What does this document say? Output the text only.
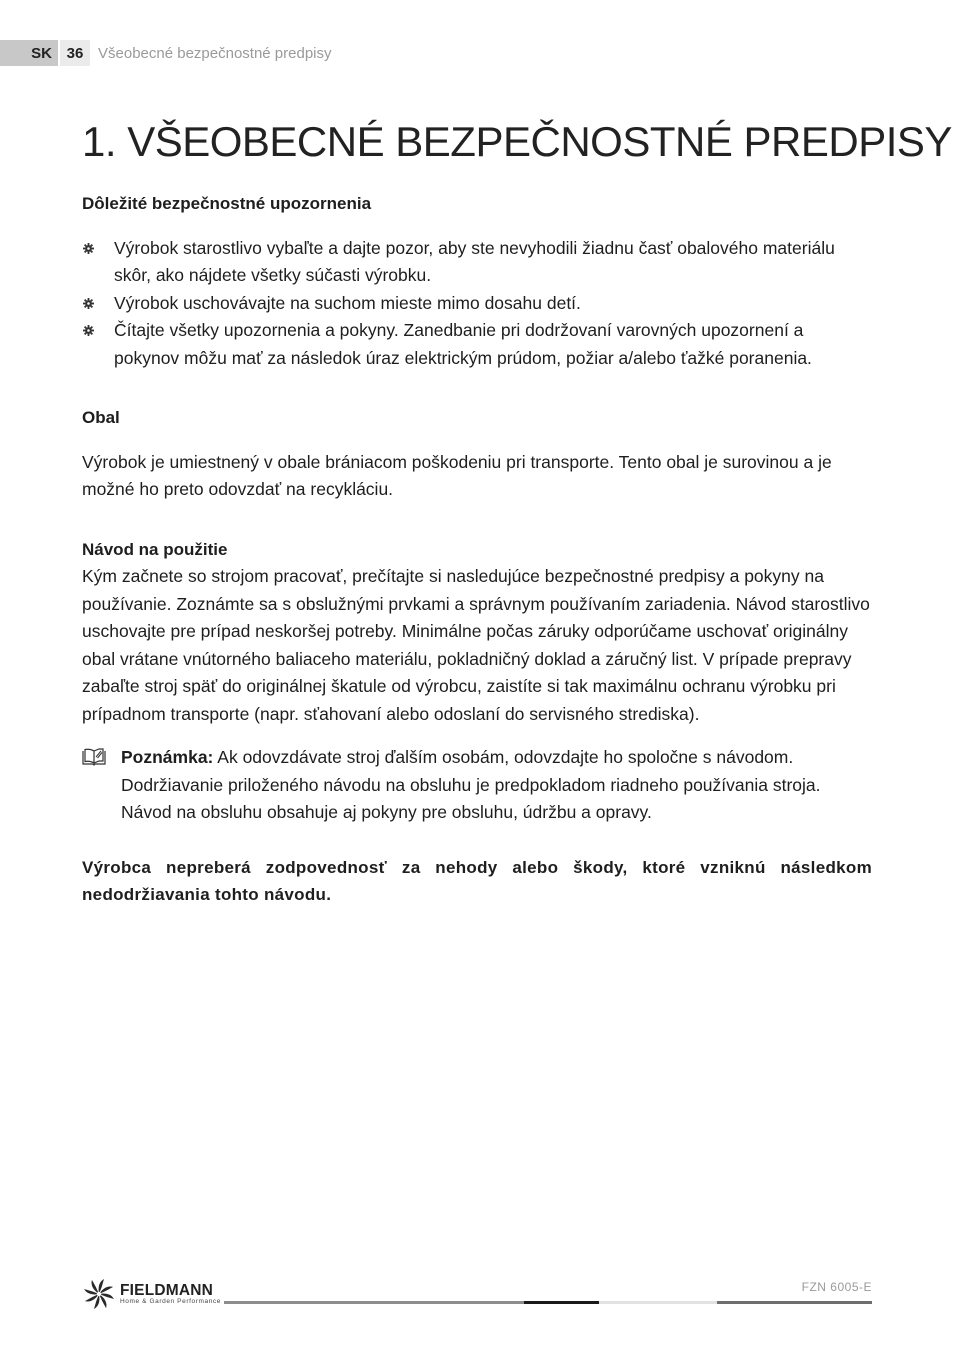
SK 36 Všeobecné bezpečnostné predpisy
1. VŠEOBECNÉ BEZPEČNOSTNÉ PREDPISY
Dôležité bezpečnostné upozornenia
Výrobok starostlivo vybaľte a dajte pozor, aby ste nevyhodili žiadnu časť obalového materiálu skôr, ako nájdete všetky súčasti výrobku.
Výrobok uschovávajte na suchom mieste mimo dosahu detí.
Čítajte všetky upozornenia a pokyny. Zanedbanie pri dodržovaní varovných upozornení a pokynov môžu mať za následok úraz elektrickým prúdom, požiar a/alebo ťažké poranenia.
Obal

Výrobok je umiestnený v obale brániacom poškodeniu pri transporte. Tento obal je surovinou a je možné ho preto odovzdať na recykláciu.

Návod na použitie

Kým začnete so strojom pracovať, prečítajte si nasledujúce bezpečnostné predpisy a pokyny na používanie. Zoznámte sa s obslužnými prvkami a správnym používaním zariadenia. Návod starostlivo uschovajte pre prípad neskoršej potreby. Minimálne počas záruky odporúčame uschovať originálny obal vrátane vnútorného baliaceho materiálu, pokladničný doklad a záručný list. V prípade prepravy zabaľte stroj späť do originálnej škatule od výrobcu, zaistíte si tak maximálnu ochranu výrobku pri prípadnom transporte (napr. sťahovaní alebo odoslaní do servisného strediska).

Poznámka: Ak odovzdávate stroj ďalším osobám, odovzdajte ho spoločne s návodom. Dodržiavanie priloženého návodu na obsluhu je predpokladom riadneho používania stroja. Návod na obsluhu obsahuje aj pokyny pre obsluhu, údržbu a opravy.

Výrobca nepreberá zodpovednosť za nehody alebo škody, ktoré vzniknú následkom nedodržiavania tohto návodu.

FIELDMANN
Home & Garden Performance
FZN 6005-E
